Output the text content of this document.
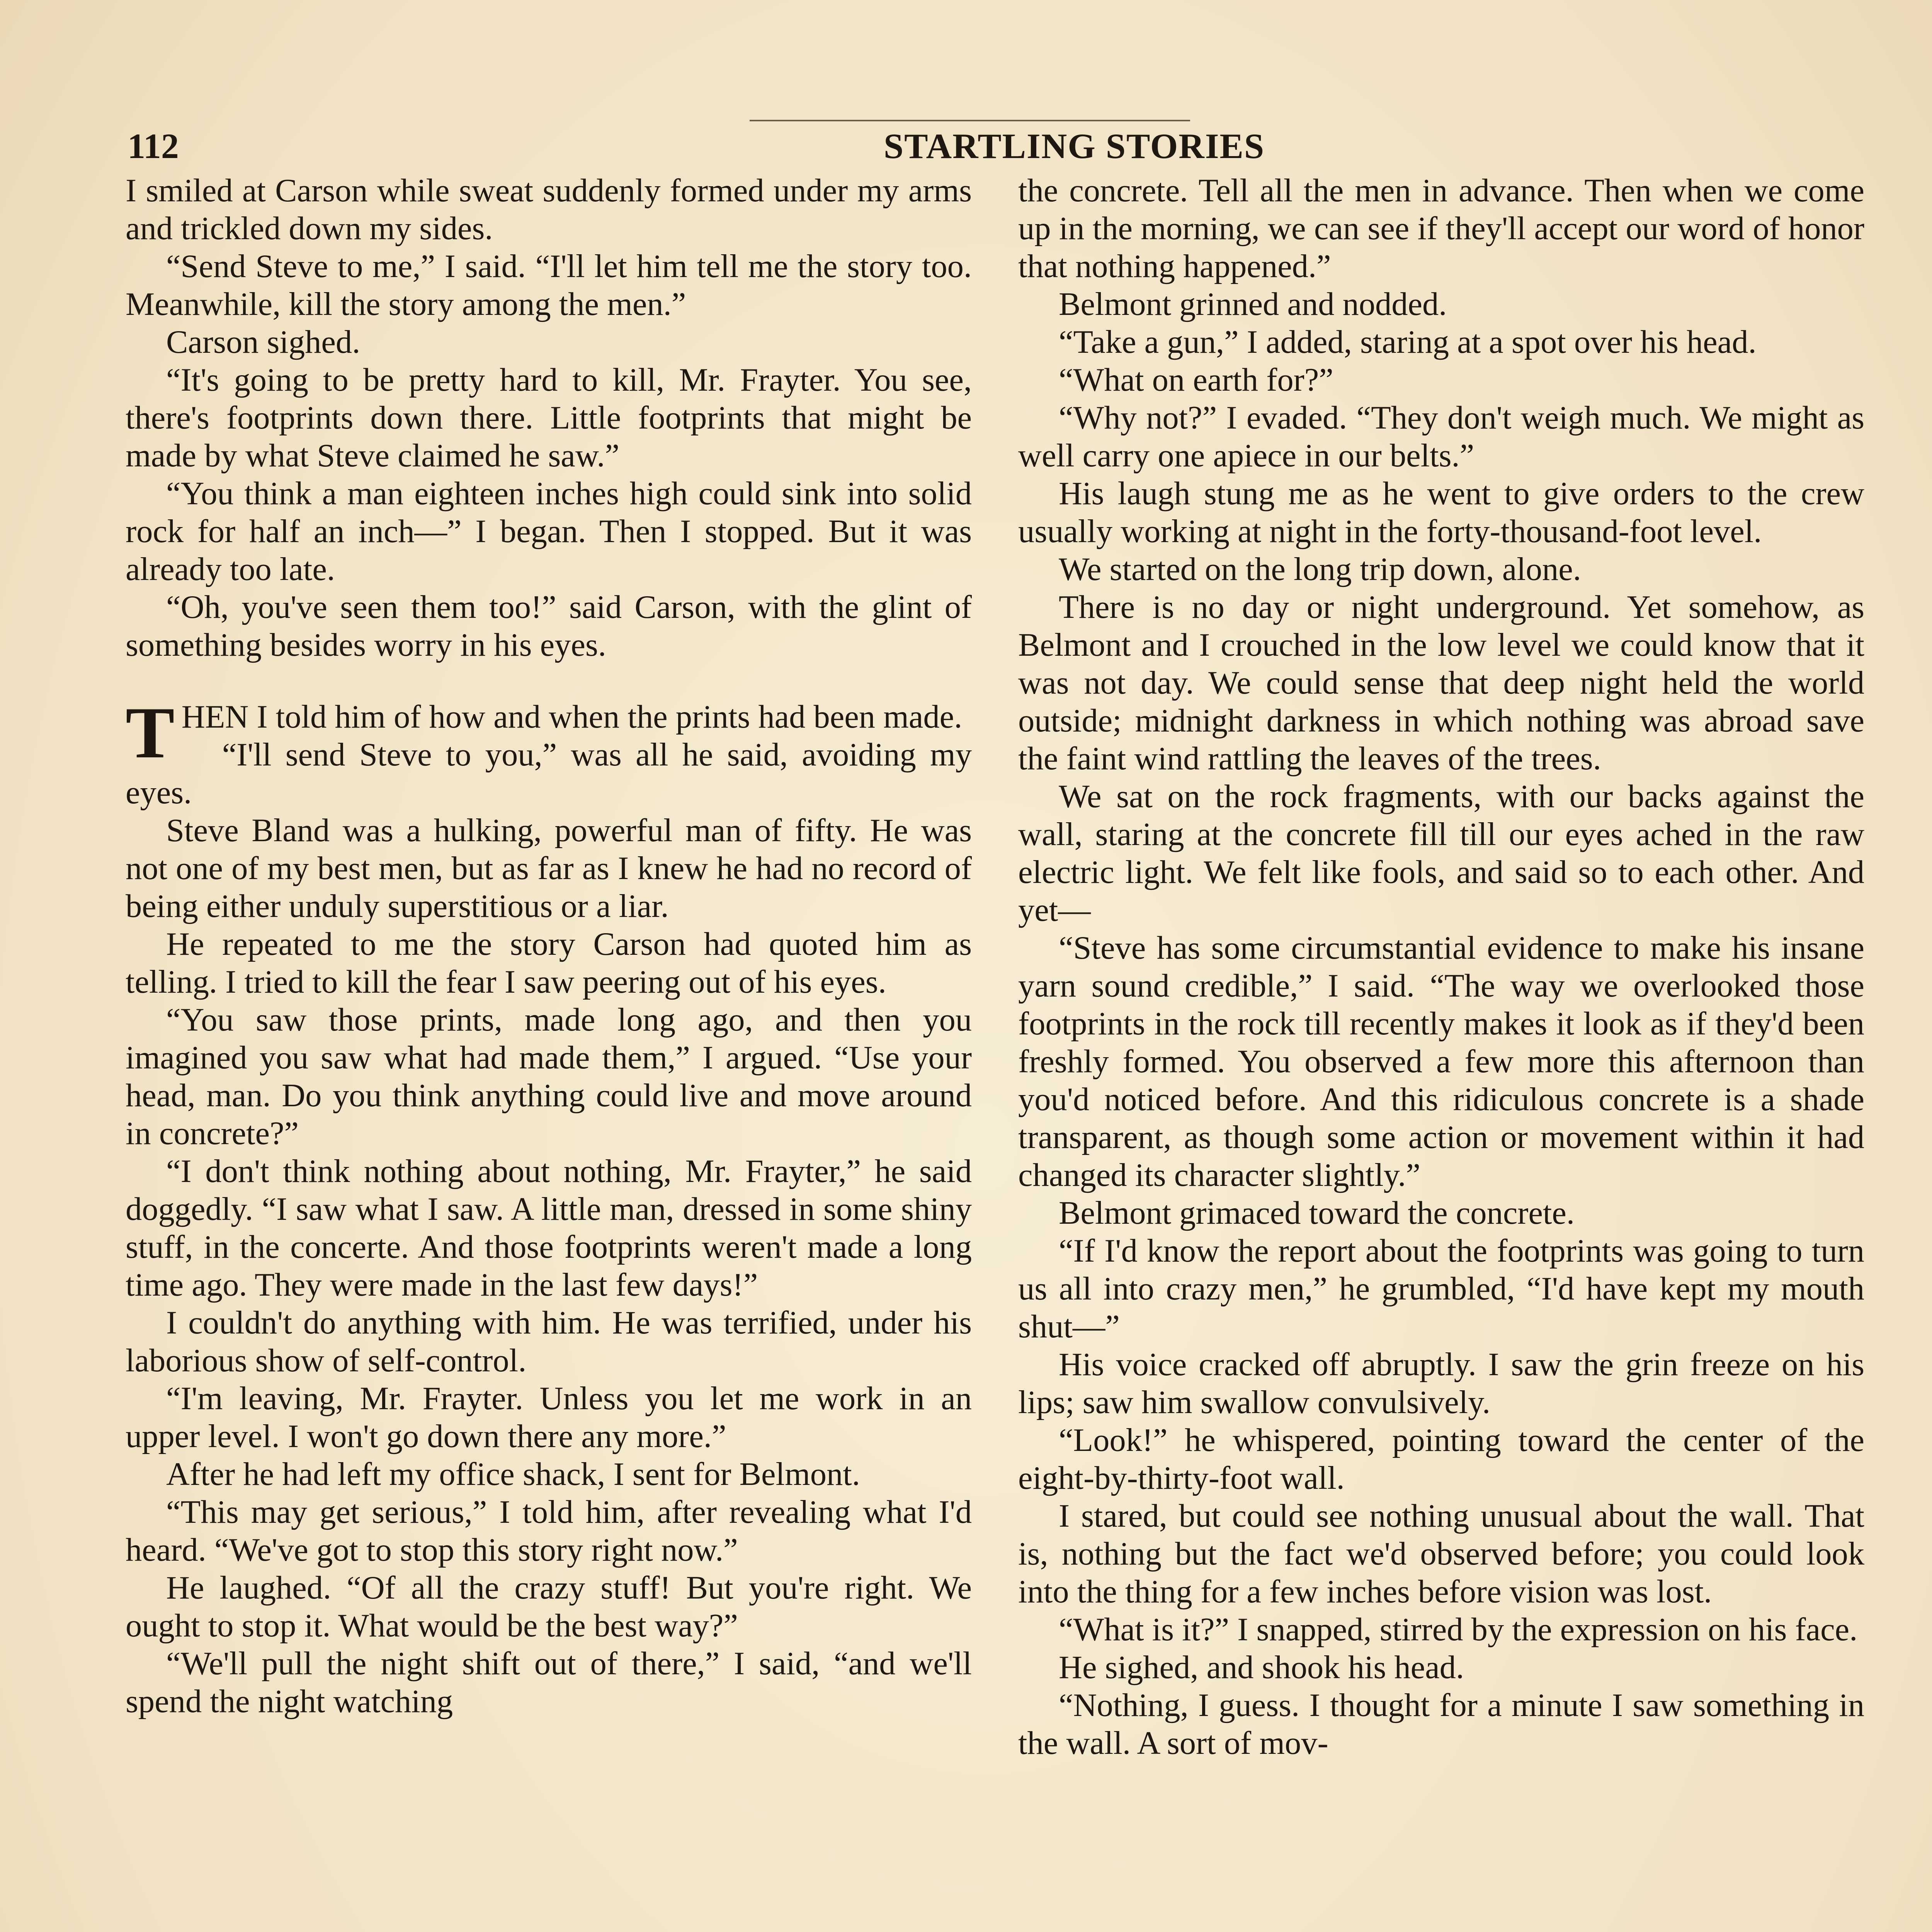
112	STARTLING STORIES

I smiled at Carson while sweat suddenly formed under my arms and trickled down my sides.

“Send Steve to me,” I said. “I'll let him tell me the story too. Meanwhile, kill the story among the men.”

Carson sighed.

“It's going to be pretty hard to kill, Mr. Frayter. You see, there's footprints down there. Little footprints that might be made by what Steve claimed he saw.”

“You think a man eighteen inches high could sink into solid rock for half an inch—” I began. Then I stopped. But it was already too late.

“Oh, you've seen them too!” said Carson, with the glint of something besides worry in his eyes.

THEN I told him of how and when the prints had been made.

“I'll send Steve to you,” was all he said, avoiding my eyes.

Steve Bland was a hulking, powerful man of fifty. He was not one of my best men, but as far as I knew he had no record of being either unduly superstitious or a liar.

He repeated to me the story Carson had quoted him as telling. I tried to kill the fear I saw peering out of his eyes.

“You saw those prints, made long ago, and then you imagined you saw what had made them,” I argued. “Use your head, man. Do you think anything could live and move around in concrete?”

“I don't think nothing about nothing, Mr. Frayter,” he said doggedly. “I saw what I saw. A little man, dressed in some shiny stuff, in the concerte. And those footprints weren't made a long time ago. They were made in the last few days!”

I couldn't do anything with him. He was terrified, under his laborious show of self-control.

“I'm leaving, Mr. Frayter. Unless you let me work in an upper level. I won't go down there any more.”

After he had left my office shack, I sent for Belmont.

“This may get serious,” I told him, after revealing what I'd heard. “We've got to stop this story right now.”

He laughed. “Of all the crazy stuff! But you're right. We ought to stop it. What would be the best way?”

“We'll pull the night shift out of there,” I said, “and we'll spend the night watching

the concrete. Tell all the men in advance. Then when we come up in the morning, we can see if they'll accept our word of honor that nothing happened.”

Belmont grinned and nodded.

“Take a gun,” I added, staring at a spot over his head.

“What on earth for?”

“Why not?” I evaded. “They don't weigh much. We might as well carry one apiece in our belts.”

His laugh stung me as he went to give orders to the crew usually working at night in the forty-thousand-foot level.

We started on the long trip down, alone.

There is no day or night underground. Yet somehow, as Belmont and I crouched in the low level we could know that it was not day. We could sense that deep night held the world outside; midnight darkness in which nothing was abroad save the faint wind rattling the leaves of the trees.

We sat on the rock fragments, with our backs against the wall, staring at the concrete fill till our eyes ached in the raw electric light. We felt like fools, and said so to each other. And yet—

“Steve has some circumstantial evidence to make his insane yarn sound credible,” I said. “The way we overlooked those footprints in the rock till recently makes it look as if they'd been freshly formed. You observed a few more this afternoon than you'd noticed before. And this ridiculous concrete is a shade transparent, as though some action or movement within it had changed its character slightly.”

Belmont grimaced toward the concrete.

“If I'd know the report about the footprints was going to turn us all into crazy men,” he grumbled, “I'd have kept my mouth shut—”

His voice cracked off abruptly. I saw the grin freeze on his lips; saw him swallow convulsively.

“Look!” he whispered, pointing toward the center of the eight-by-thirty-foot wall.

I stared, but could see nothing unusual about the wall. That is, nothing but the fact we'd observed before; you could look into the thing for a few inches before vision was lost.

“What is it?” I snapped, stirred by the expression on his face.

He sighed, and shook his head.

“Nothing, I guess. I thought for a minute I saw something in the wall. A sort of mov-
